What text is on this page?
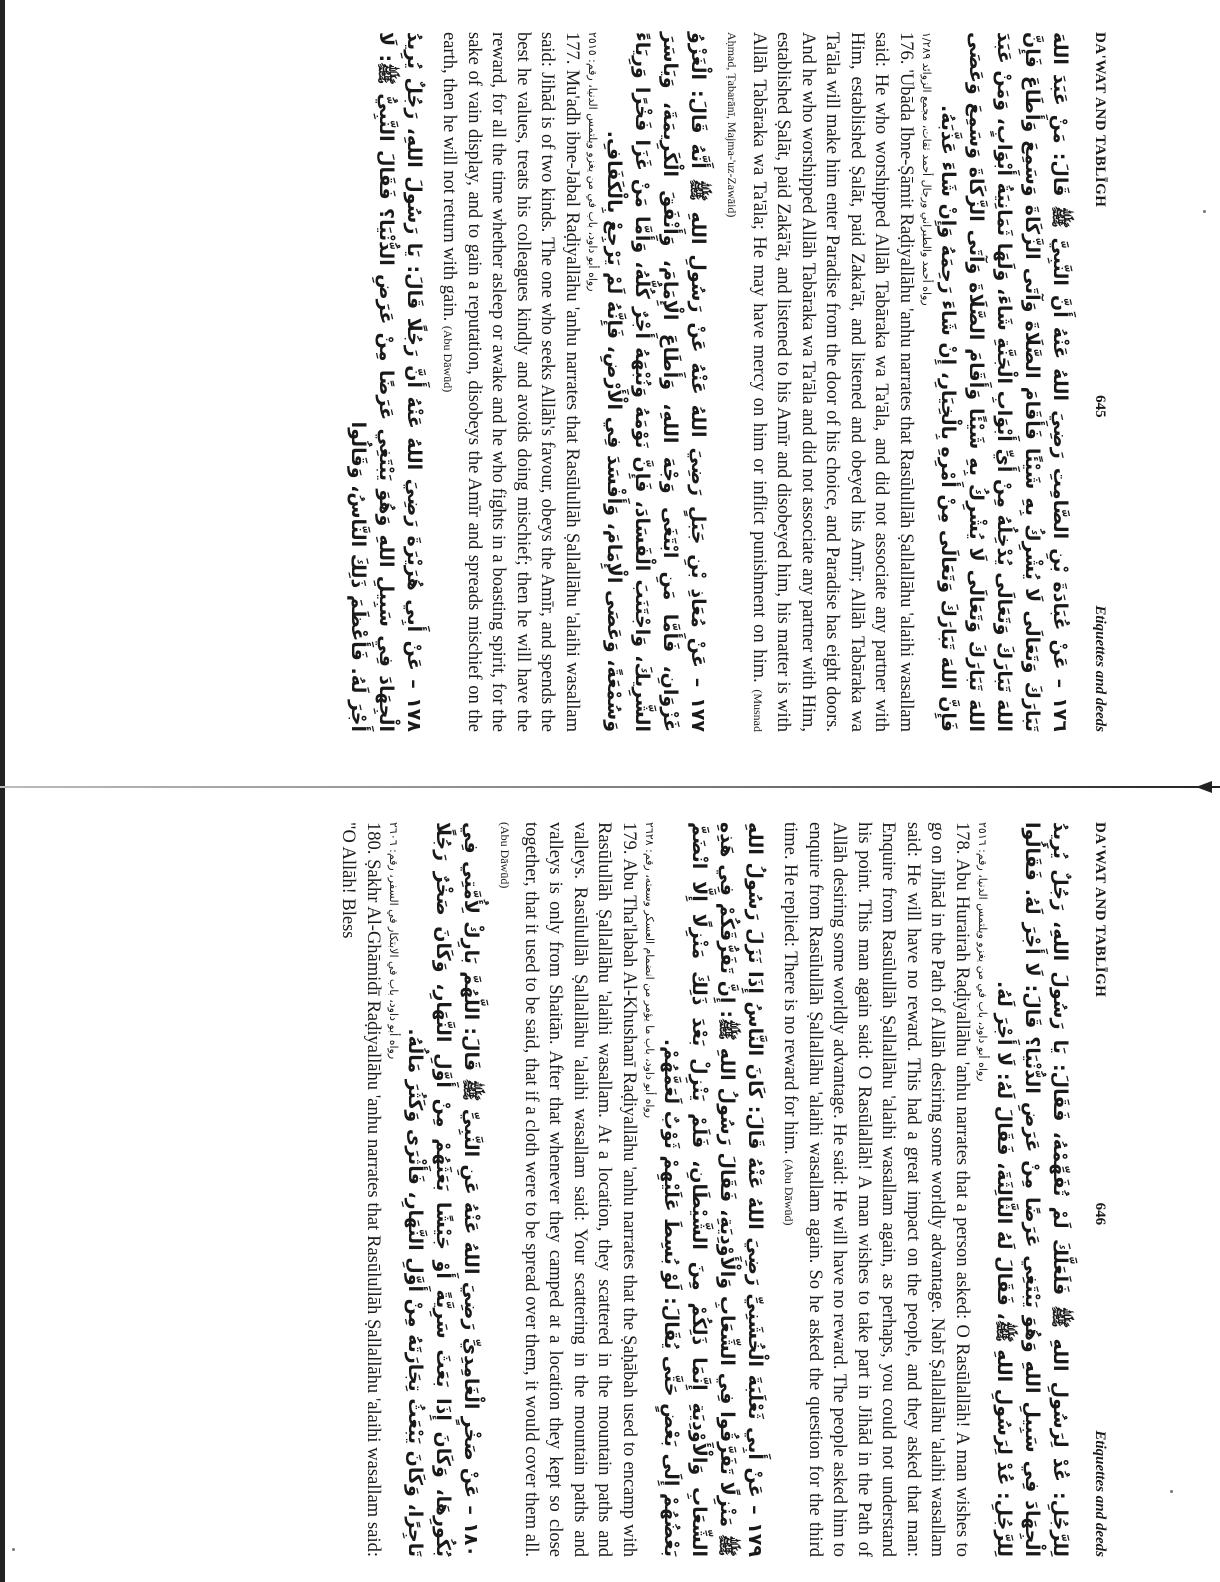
DA'WAT AND TABLĪGH
645
Etiquettes and deeds

١٧٦ – عَنْ عُبَادَةَ بْنِ الصَّامِتِ رَضِيَ اللهُ عَنْهُ أَنَّ النَّبِيَّ ﷺ قَالَ: مَنْ عَبَدَ اللهَ تَبَارَكَ وَتَعَالَى لَا يُشْرِكُ بِهِ شَيْئًا فَأَقَامَ الصَّلَاةَ وَآتَى الزَّكَاةَ وَسَمِعَ وَأَطَاعَ فَإِنَّ اللهَ تَبَارَكَ وَتَعَالَى يُدْخِلُهُ مِنْ أَيِّ أَبْوَابِ الْجَنَّةِ شَاءَ، وَلَهَا ثَمَانِيَةُ أَبْوَابٍ، وَمَنْ عَبَدَ اللهَ تَبَارَكَ وَتَعَالَى لَا يُشْرِكُ بِهِ شَيْئًا وَأَقَامَ الصَّلَاةَ وَآتَى الزَّكَاةَ وَسَمِعَ وَعَصَى فَإِنَّ اللهَ تَبَارَكَ وَتَعَالَى مِنْ أَمْرِهِ بِالْخِيَارِ، إِنْ شَاءَ رَحِمَهُ وَإِنْ شَاءَ عَذَّبَهُ.

رواه أحمد والطبراني ورجال أحمد ثقات، مجمع الزوائد ١/٢٨٩

176. 'Ubāda Ibne-Ṣāmit Raḍiyallāhu 'anhu narrates that Rasūlullāh Ṣallallāhu 'alaihi wasallam said: He who worshipped Allāh Tabāraka wa Ta'āla, and did not associate any partner with Him, established Ṣalāt, paid Zaka'āt, and listened and obeyed his Amīr; Allāh Tabāraka wa Ta'āla will make him enter Paradise from the door of his choice, and Paradise has eight doors. And he who worshipped Allāh Tabāraka wa Ta'āla and did not associate any partner with Him, established Ṣalāt, paid Zakā'āt, and listened to his Amīr and disobeyed him, his matter is with Allāh Tabāraka wa Ta'āla; He may have mercy on him or inflict punishment on him. (Musnad Aḥmad, Ṭabarānī, Majma-'uz-Zawāid)

١٧٧ – عَنْ مُعَاذِ بْنِ جَبَلٍ رَضِيَ اللهُ عَنْهُ عَنْ رَسُولِ اللهِ ﷺ أَنَّهُ قَالَ: الْغَزْوُ غَزْوَانِ، فَأَمَّا مَنِ ابْتَغَى وَجْهَ اللهِ، وَأَطَاعَ الْإِمَامَ، وَأَنْفَقَ الْكَرِيمَةَ، وَيَاسَرَ الشَّرِيكَ، وَاجْتَنَبَ الْفَسَادَ، فَإِنَّ نَوْمَهُ وَنُبْهَهُ أَجْرٌ كُلُّهُ، وَأَمَّا مَنْ غَزَا فَخْرًا وَرِيَاءً وَسُمْعَةً، وَعَصَى الْإِمَامَ، وَأَفْسَدَ فِي الْأَرْضِ، فَإِنَّهُ لَمْ يَرْجِعْ بِالْكَفَافِ.

رواه أبو داود، باب في من يغزو ويلتمس الدنيا، رقم: ٢٥١٥

177. Mu'adh ibne-Jabal Raḍiyallāhu 'anhu narrates that Rasūlullāh Ṣallallāhu 'alaihi wasallam said: Jihād is of two kinds. The one who seeks Allāh's favour, obeys the Amīr, and spends the best he values, treats his colleagues kindly and avoids doing mischief; then he will have the reward, for all the time whether asleep or awake and he who fights in a boasting spirit, for the sake of vain display, and to gain a reputation, disobeys the Amīr and spreads mischief on the earth, then he will not return with gain. (Abu Dāwūd)

١٧٨ – عَنْ أَبِي هُرَيْرَةَ رَضِيَ اللهُ عَنْهُ أَنَّ رَجُلًا قَالَ: يَا رَسُولَ اللهِ، رَجُلٌ يُرِيدُ الْجِهَادَ فِي سَبِيلِ اللهِ وَهُوَ يَبْتَغِي عَرَضًا مِنْ عَرَضِ الدُّنْيَا؟ فَقَالَ النَّبِيُّ ﷺ: لَا أَجْرَ لَهُ. فَأَعْظَمَ ذَلِكَ النَّاسُ، وَقَالُوا

DA'WAT AND TABLĪGH
646
Etiquettes and deeds

لِلرَّجُلِ: عُدْ لِرَسُولِ اللهِ ﷺ فَلَعَلَّكَ لَمْ تُفَهِّمْهُ، فَقَالَ: يَا رَسُولَ اللهِ، رَجُلٌ يُرِيدُ الْجِهَادَ فِي سَبِيلِ اللهِ وَهُوَ يَبْتَغِي عَرَضًا مِنْ عَرَضِ الدُّنْيَا؟ قَالَ: لَا أَجْرَ لَهُ. فَقَالُوا لِلرَّجُلِ: عُدْ لِرَسُولِ اللهِ ﷺ، فَقَالَ لَهُ الثَّالِثَةَ، فَقَالَ لَهُ: لَا أَجْرَ لَهُ.

رواه أبو داود، باب في من يغزو ويلتمس الدنيا، رقم: ٢٥١٦

178. Abu Hurairah Raḍiyallāhu 'anhu narrates that a person asked: O Rasūlallāh! A man wishes to go on Jihād in the Path of Allāh desiring some worldly advantage. Nabī Ṣallallāhu 'alaihi wasallam said: He will have no reward. This had a great impact on the people, and they asked that man: Enquire from Rasūlullāh Ṣallallāhu 'alaihi wasallam again, as perhaps, you could not understand his point. This man again said: O Rasūlallāh! A man wishes to take part in Jihād in the Path of Allāh desiring some worldly advantage. He said: He will have no reward. The people asked him to enquire from Rasūlullāh Ṣallallāhu 'alaihi wasallam again. So he asked the question for the third time. He replied: There is no reward for him. (Abu Dāwūd)

١٧٩ – عَنْ أَبِي ثَعْلَبَةَ الْخُشَنِيِّ رَضِيَ اللهُ عَنْهُ قَالَ: كَانَ النَّاسُ إِذَا نَزَلَ رَسُولُ اللهِ ﷺ مَنْزِلًا تَفَرَّقُوا فِي الشِّعَابِ وَالْأَوْدِيَةِ، فَقَالَ رَسُولُ اللهِ ﷺ: إِنَّ تَفَرُّقَكُمْ فِي هَذِهِ الشِّعَابِ وَالْأَوْدِيَةِ إِنَّمَا ذَلِكُمْ مِنَ الشَّيْطَانِ، فَلَمْ يَنْزِلْ بَعْدَ ذَلِكَ مَنْزِلًا إِلَّا انْضَمَّ بَعْضُهُمْ إِلَى بَعْضٍ حَتَّى يُقَالَ: لَوْ بُسِطَ عَلَيْهِمْ ثَوْبٌ لَعَمَّهُمْ.

رواه أبو داود، باب ما يؤمر من انضمام العسكر وسعته، رقم: ٢٦٢٨

179. Abu Tha'labah Al-Khushanī Raḍiyallāhu 'anhu narrates that the Ṣaḥābah used to encamp with Rasūlullāh Ṣallallāhu 'alaihi wasallam. At a location, they scattered in the mountain paths and valleys. Rasūlullāh Ṣallallāhu 'alaihi wasallam said: Your scattering in the mountain paths and valleys is only from Shaitān. After that whenever they camped at a location they kept so close together, that it used to be said, that if a cloth were to be spread over them, it would cover them all. (Abu Dāwūd)

١٨٠ – عَنْ صَخْرٍ الْغَامِدِيِّ رَضِيَ اللهُ عَنْهُ عَنِ النَّبِيِّ ﷺ قَالَ: اللَّهُمَّ بَارِكْ لِأُمَّتِي فِي بُكُورِهَا، وَكَانَ إِذَا بَعَثَ سَرِيَّةً أَوْ جَيْشًا بَعَثَهُمْ مِنْ أَوَّلِ النَّهَارِ، وَكَانَ صَخْرٌ رَجُلًا تَاجِرًا، وَكَانَ يَبْعَثُ تِجَارَتَهُ مِنْ أَوَّلِ النَّهَارِ، فَأَثْرَى وَكَثُرَ مَالُهُ.

رواه أبو داود، باب في الابتكار في السفر، رقم: ٢٦٠٦

180. Ṣakhr Al-Ghāmidī Raḍiyallāhu 'anhu narrates that Rasūlullāh Ṣallallāhu 'alaihi wasallam said: "O Allāh! Bless
